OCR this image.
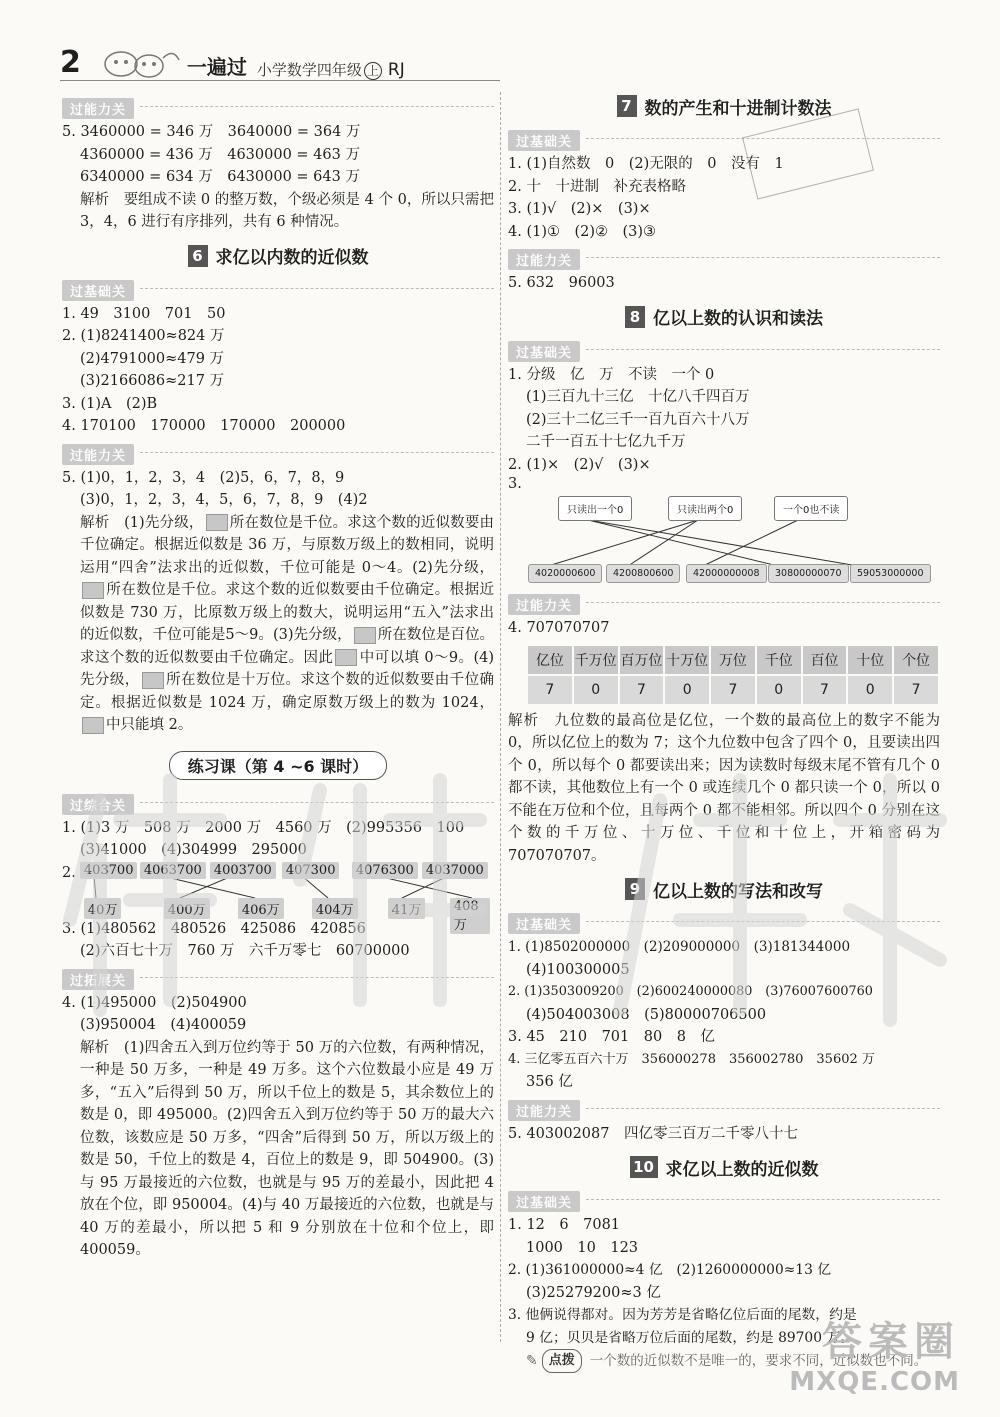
2	一遍过 小学数学四年级 上 RJ
过能力关
5. 3460000 = 346 万　3640000 = 364 万
4360000 = 436 万　4630000 = 463 万
6340000 = 634 万　6430000 = 643 万
解析　 要组成不读 0 的整万数，个级必须是 4 个 0，所以只需把 3，4，6 进行有序排列，共有 6 种情况。
6 求亿以内数的近似数
过基础关
1. 49　3100　701　50
2. (1)8241400≈824 万
(2)4791000≈479 万
(3)2166086≈217 万
3. (1)A　(2)B
4. 170100　170000　170000　200000
过能力关
5. (1)0，1，2，3，4　(2)5，6，7，8，9
(3)0，1，2，3，4，5，6，7，8，9　(4)2
解析　 (1)先分级， 所在数位是千位。求这个数的近似数要由千位确定。根据近似数是 36 万，与原数万级上的数相同，说明运用“四舍”法求出的近似数，千位可能是 0～4。(2)先分级，所在数位是千位。求这个数的近似数要由千位确定。根据近似数是 730 万，比原数万级上的数大，说明运用“五入”法求出的近似数，千位可能是5～9。(3)先分级， 所在数位是百位。求这个数的近似数要由千位确定。因此 中可以填 0～9。(4)先分级， 所在数位是十万位。求这个数的近似数要由千位确定。根据近似数是 1024 万，确定原数万级上的数为 1024，中只能填 2。
练习课（第 4 ~6 课时）
过综合关
1. (1)3 万　508 万　2000 万　4560 万　(2)995356　100
(3)41000　(4)304999　295000
2. 403700 4063700 4003700	407300	4076300 4037000
40万	400万	406万	404万	41万	408万
3. (1)480562　480526　425086　420856
(2)六百七十万　760 万　六千万零七　60700000
过拓展关
4. (1)495000　(2)504900
(3)950004　(4)400059
解析　 (1)四舍五入到万位约等于 50 万的六位数，有两种情况，一种是 50 万多，一种是 49 万多。这个六位数最小应是 49 万多，“五入”后得到 50 万，所以千位上的数是 5，其余数位上的数是 0，即 495000。(2)四舍五入到万位约等于 50 万的最大六位数，该数应是 50 万多，“四舍”后得到 50 万，所以万级上的数是 50，千位上的数是 4，百位上的数是 9，即 504900。(3)与 95 万最接近的六位数，也就是与 95 万的差最小，因此把 4 放在个位，即 950004。(4)与 40 万最接近的六位数，也就是与 40 万的差最小，所以把 5 和 9 分别放在十位和个位上，即 400059。
7 数的产生和十进制计数法
过基础关
1. (1)自然数　0　(2)无限的　0　没有　1
2. 十　十进制　补充表格略
3. (1)√　(2)×　(3)×
4. (1)①　(2)②　(3)③
过能力关
5. 632　96003
8 亿以上数的认识和读法
过基础关
1. 分级　亿　万　不读　一个 0
(1)三百九十三亿　十亿八千四百万
(2)三十二亿三千一百九百六十八万
二千一百五十七亿九千万
2. (1)×　(2)√　(3)×
3.
只读出一个0	只读出两个0	一个0也不读
4020000600	4200800600	42000000008	30800000070	59053000000
过能力关
4. 707070707
亿位	千万位	百万位	十万位	万位	千位	百位	十位	个位
7	0	7	0	7	0	7	0	7
解析　 九位数的最高位是亿位，一个数的最高位上的数字不能为 0，所以亿位上的数为 7；这个九位数中包含了四个 0，且要读出四个 0，所以每个 0 都要读出来；因为读数时每级末尾不管有几个 0 都不读，其他数位上有一个 0 或连续几个 0 都只读一个 0，所以 0 不能在万位和个位，且每两个 0 都不能相邻。所以四个 0 分别在这个数的千万位、十万位、千位和十位上，开箱密码为 707070707。
9 亿以上数的写法和改写
过基础关
1. (1)8502000000　(2)209000000　(3)181344000
(4)100300005
2. (1)3503009200　(2)600240000080　(3)76007600760
(4)504003008　(5)80000706500
3. 45　210　701　80　8　亿
4. 三亿零五百六十万　356000278　356002780　35602 万
356 亿
过能力关
5. 403002087　四亿零三百万二千零八十七
10 求亿以上数的近似数
过基础关
1. 12　6　7081
1000　10　123
2. (1)361000000≈4 亿　(2)1260000000≈13 亿
(3)25279200≈3 亿
3. 他俩说得都对。因为芳芳是省略亿位后面的尾数，约是
9 亿；贝贝是省略万位后面的尾数，约是 89700 万。
✎ 点拨	一个数的近似数不是唯一的，要求不同，近似数也不同。
答案圈
MXQE.COM
